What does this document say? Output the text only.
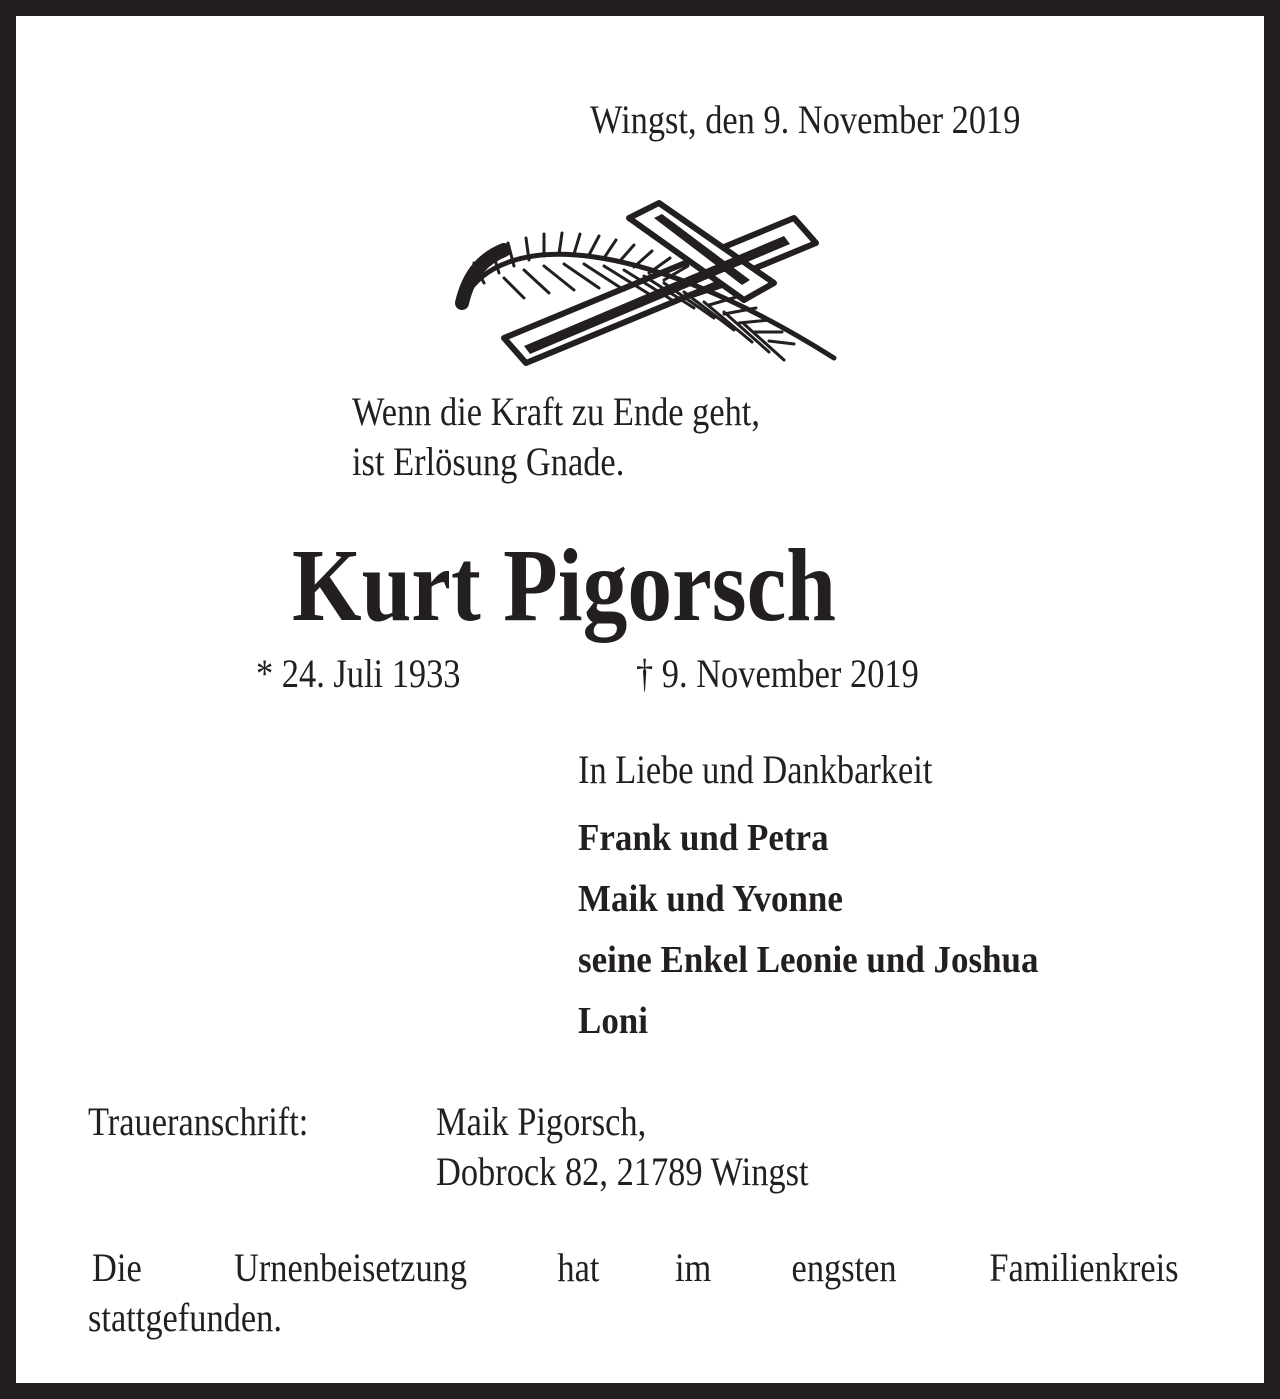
Wingst, den 9. November 2019
Wenn die Kraft zu Ende geht,
ist Erlösung Gnade.
Kurt Pigorsch
* 24. Juli 1933	† 9. November 2019
In Liebe und Dankbarkeit
Frank und Petra
Maik und Yvonne
seine Enkel Leonie und Joshua
Loni
Traueranschrift:	Maik Pigorsch,
Dobrock 82, 21789 Wingst
Die Urnenbeisetzung hat im engsten Familienkreis
stattgefunden.
